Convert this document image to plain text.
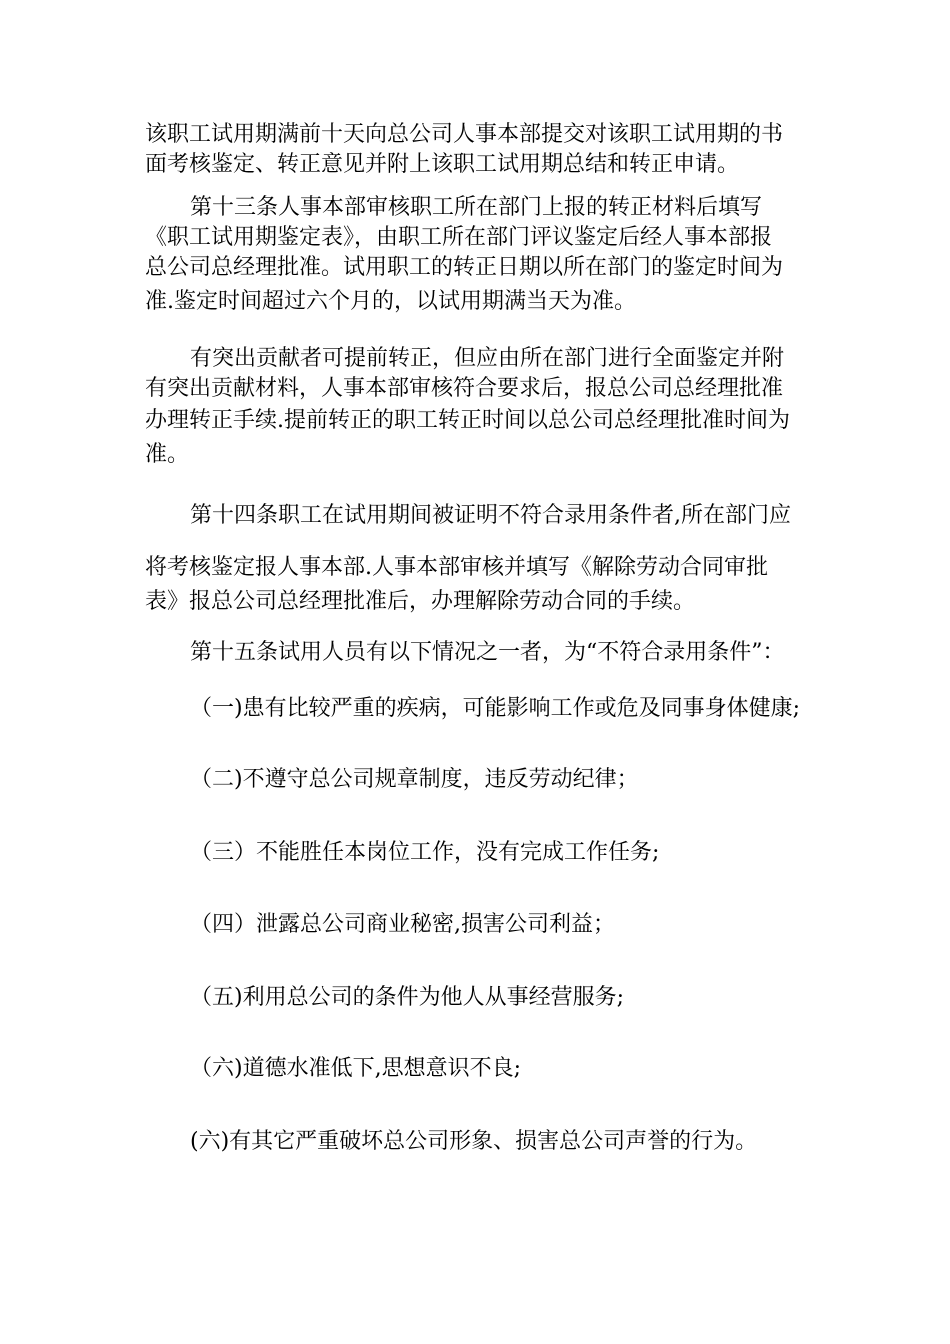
该职工试用期满前十天向总公司人事本部提交对该职工试用期的书
面考核鉴定、转正意见并附上该职工试用期总结和转正申请。
第十三条人事本部审核职工所在部门上报的转正材料后填写
《职工试用期鉴定表》，由职工所在部门评议鉴定后经人事本部报
总公司总经理批准。试用职工的转正日期以所在部门的鉴定时间为
准.鉴定时间超过六个月的，以试用期满当天为准。
有突出贡献者可提前转正，但应由所在部门进行全面鉴定并附
有突出贡献材料，人事本部审核符合要求后，报总公司总经理批准
办理转正手续.提前转正的职工转正时间以总公司总经理批准时间为
准。
第十四条职工在试用期间被证明不符合录用条件者,所在部门应
将考核鉴定报人事本部.人事本部审核并填写《解除劳动合同审批
表》报总公司总经理批准后，办理解除劳动合同的手续。
第十五条试用人员有以下情况之一者，为“不符合录用条件”：
（一)患有比较严重的疾病，可能影响工作或危及同事身体健康;
（二)不遵守总公司规章制度，违反劳动纪律；
（三）不能胜任本岗位工作，没有完成工作任务;
（四）泄露总公司商业秘密,损害公司利益；
（五)利用总公司的条件为他人从事经营服务;
（六)道德水准低下,思想意识不良;
(六)有其它严重破坏总公司形象、损害总公司声誉的行为。
